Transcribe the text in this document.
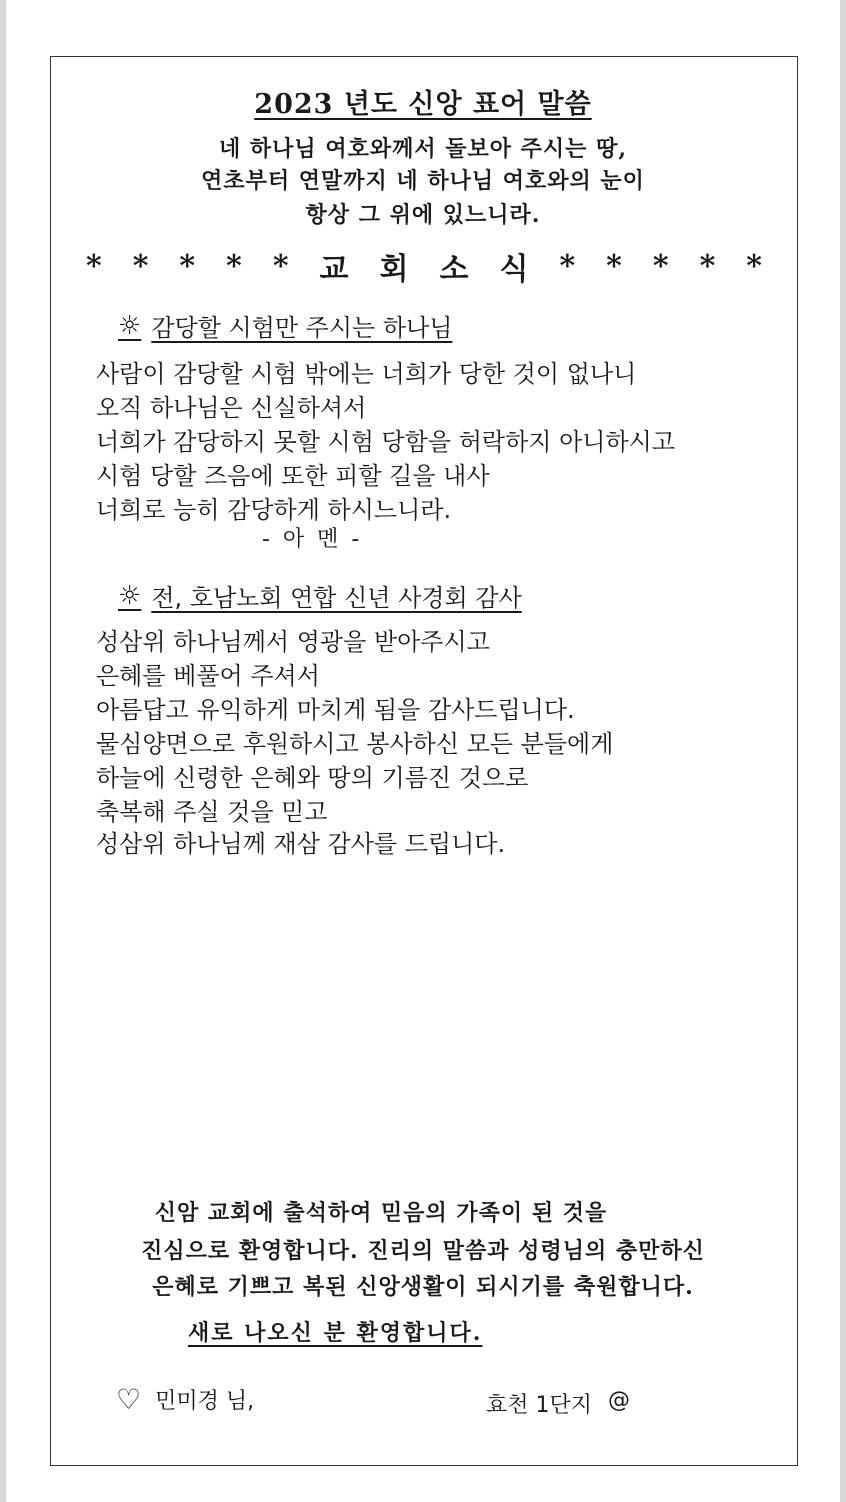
2023 년도 신앙 표어 말씀
네 하나님 여호와께서 돌보아 주시는 땅,
연초부터 연말까지 네 하나님 여호와의 눈이
항상 그 위에 있느니라.
* * * * * 교 회 소 식 * * * * *
☼ 감당할 시험만 주시는 하나님
사람이 감당할 시험 밖에는 너희가 당한 것이 없나니
오직 하나님은 신실하셔서
너희가 감당하지 못할 시험 당함을 허락하지 아니하시고
시험 당할 즈음에 또한 피할 길을 내사
너희로 능히 감당하게 하시느니라.
- 아 멘 -
☼ 전, 호남노회 연합 신년 사경회 감사
성삼위 하나님께서 영광을 받아주시고
은혜를 베풀어 주셔서
아름답고 유익하게 마치게 됨을 감사드립니다.
물심양면으로 후원하시고 봉사하신 모든 분들에게
하늘에 신령한 은혜와 땅의 기름진 것으로
축복해 주실 것을 믿고
성삼위 하나님께 재삼 감사를 드립니다.
신암 교회에 출석하여 믿음의 가족이 된 것을
진심으로 환영합니다. 진리의 말씀과 성령님의 충만하신
은혜로 기쁘고 복된 신앙생활이 되시기를 축원합니다.
새로 나오신 분 환영합니다.
♡ 민미경 님,	효천 1단지 @
